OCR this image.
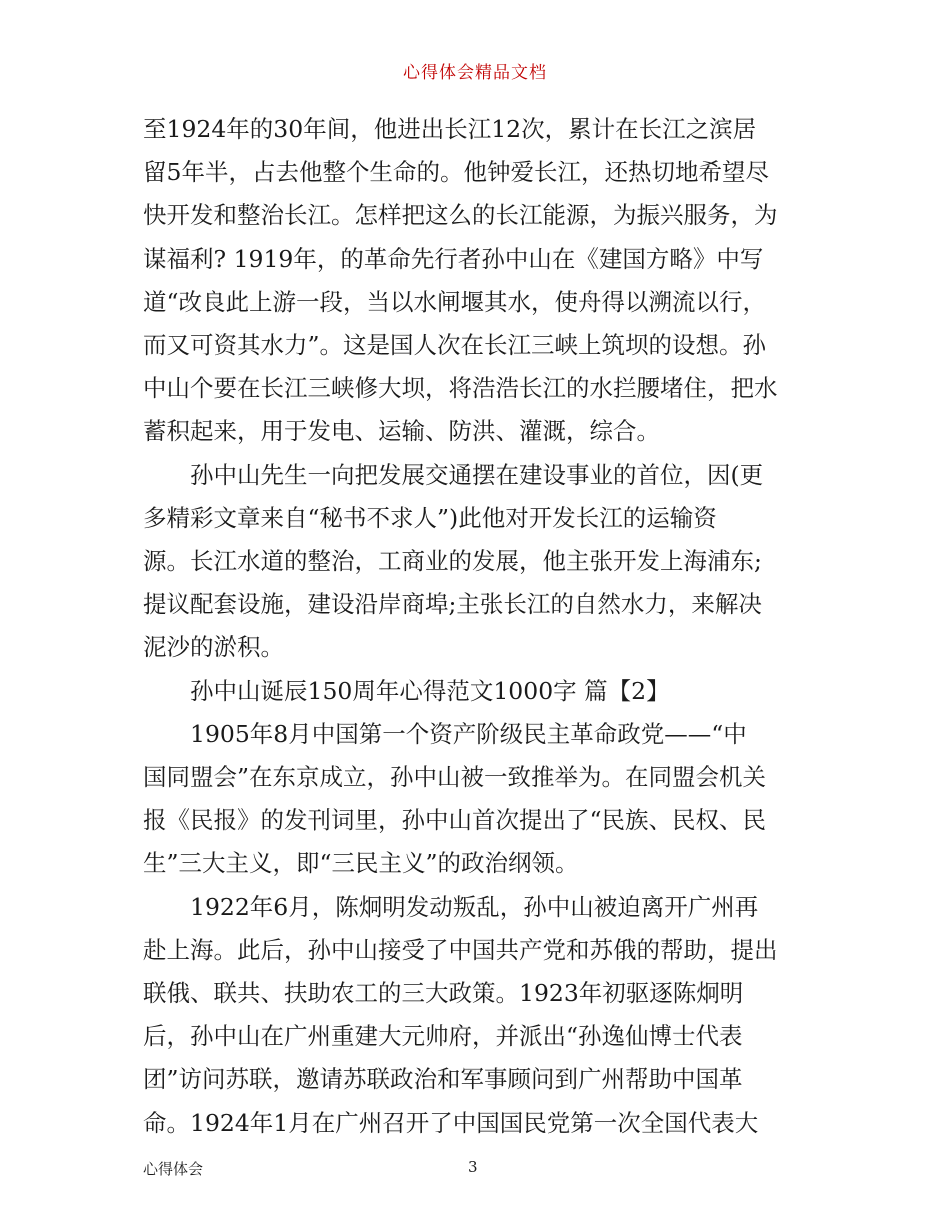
心得体会精品文档

至1924年的30年间，他进出长江12次，累计在长江之滨居
留5年半，占去他整个生命的。他钟爱长江，还热切地希望尽
快开发和整治长江。怎样把这么的长江能源，为振兴服务，为
谋福利? 1919年，的革命先行者孙中山在《建国方略》中写
道“改良此上游一段，当以水闸堰其水，使舟得以溯流以行，
而又可资其水力”。这是国人次在长江三峡上筑坝的设想。孙
中山个要在长江三峡修大坝，将浩浩长江的水拦腰堵住，把水
蓄积起来，用于发电、运输、防洪、灌溉，综合。

　　孙中山先生一向把发展交通摆在建设事业的首位，因(更
多精彩文章来自“秘书不求人”)此他对开发长江的运输资
源。长江水道的整治，工商业的发展，他主张开发上海浦东;
提议配套设施，建设沿岸商埠;主张长江的自然水力，来解决
泥沙的淤积。

　　孙中山诞辰150周年心得范文1000字 篇【2】

　　1905年8月中国第一个资产阶级民主革命政党——“中
国同盟会”在东京成立，孙中山被一致推举为。在同盟会机关
报《民报》的发刊词里，孙中山首次提出了“民族、民权、民
生”三大主义，即“三民主义”的政治纲领。

　　1922年6月，陈炯明发动叛乱，孙中山被迫离开广州再
赴上海。此后，孙中山接受了中国共产党和苏俄的帮助，提出
联俄、联共、扶助农工的三大政策。1923年初驱逐陈炯明
后，孙中山在广州重建大元帅府，并派出“孙逸仙博士代表
团”访问苏联，邀请苏联政治和军事顾问到广州帮助中国革
命。1924年1月在广州召开了中国国民党第一次全国代表大

心得体会	3
